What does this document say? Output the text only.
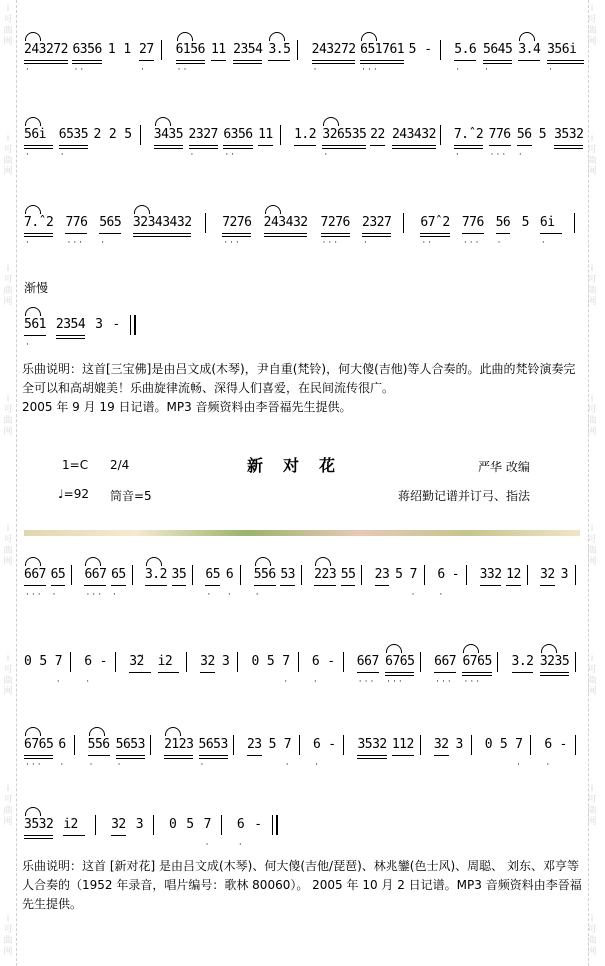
i可
曲
网
i可
曲
网
i可
曲
网
i可
曲
网
i可
曲
网
i可
曲
网
i可
曲
网
i可
曲
网
i可
曲
网
i可
曲
网
i可
曲
网
i可
曲
网
i可
曲
网
i可
曲
网
i可
曲
网
i可
曲
网
243272
·
6356
··
1 1 27
·
6156
··
11 2354 3.5 243272
·
651761
···
5 - 5.6
·
5645
·
3.4 356i̇
·
56i̇
·
6535
·
2 2 5 3435 2327
·
6356
··
11 1.2 326535
·
22 243432 7.ˆ2
·
776
···
56
·
5 3532
7.ˆ2
·
776
···
565
·
32343432 7276
···
243432 7276
···
2327
·
67ˆ2
··
776
···
56
·
5 6i̇
·
渐慢
561
·
2354 3 -
乐曲说明：这首[三宝佛]是由吕文成(木琴)，尹自重(梵铃)，何大傻(吉他)等人合奏的。此曲的梵铃演奏完全可以和高胡媲美！乐曲旋律流畅、深得人们喜爱，在民间流传很广。
2005 年 9 月 19 日记谱。MP3 音频资料由李晉福先生提供。
1=C 2/4	新对花	严华 改编
♩=92 筒音=5	蒋绍勤记谱并订弓、指法
667
···
65
·
667
···
65
·
3.2 35 65
·
6
·
556
·
53 223 55 23 5 7
·
6
·
- 332 12 32 3
0 5 7
·
6
·
- 3̃2 i̇2 32 3 0 5 7
·
6
·
- 667
···
6765
···
667
···
6765
···
3.2 3235
6765
···
6
·
556
·
5653
·
2123 5653
·
23 5 7
·
6
·
- 3532 112 32 3 0 5 7
·
6
·
-
3532 i̇2	32 3 0 5 7
·
6
·
-
乐曲说明：这首 [新对花] 是由吕文成(木琴)、何大傻(吉他/琵琶)、林兆鑾(色士风)、周聪、 刘东、邓亨等人合奏的（1952 年录音，唱片编号：歌林 80060）。 2005 年 10 月 2 日记谱。MP3 音频资料由李晉福先生提供。
